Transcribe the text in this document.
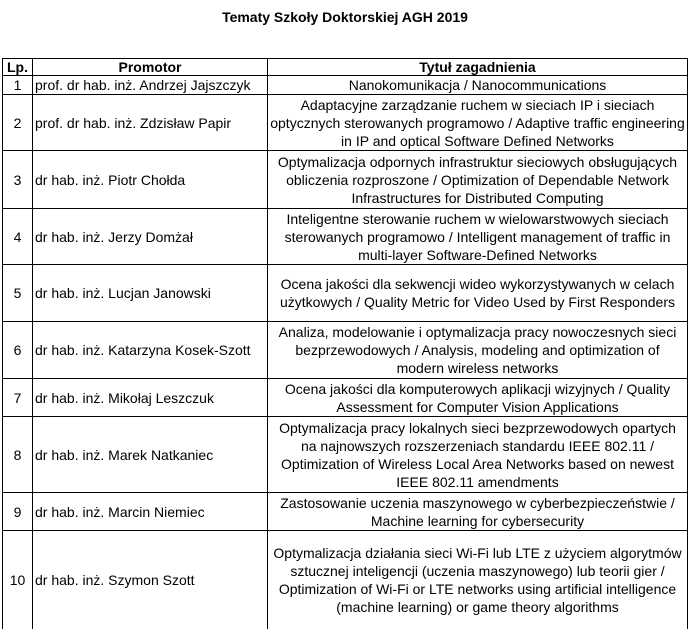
Tematy Szkoły Doktorskiej AGH 2019
Lp.	Promotor	Tytuł zagadnienia
1	prof. dr hab. inż. Andrzej Jajszczyk	Nanokomunikacja / Nanocommunications
2	prof. dr hab. inż. Zdzisław Papir	Adaptacyjne zarządzanie ruchem w sieciach IP i sieciach optycznych sterowanych programowo / Adaptive traffic engineering in IP and optical Software Defined Networks
3	dr hab. inż. Piotr Chołda	Optymalizacja odpornych infrastruktur sieciowych obsługujących obliczenia rozproszone / Optimization of Dependable Network Infrastructures for Distributed Computing
4	dr hab. inż. Jerzy Domżał	Inteligentne sterowanie ruchem w wielowarstwowych sieciach sterowanych programowo / Intelligent management of traffic in multi-layer Software-Defined Networks
5	dr hab. inż. Lucjan Janowski	Ocena jakości dla sekwencji wideo wykorzystywanych w celach użytkowych / Quality Metric for Video Used by First Responders
6	dr hab. inż. Katarzyna Kosek-Szott	Analiza, modelowanie i optymalizacja pracy nowoczesnych sieci bezprzewodowych / Analysis, modeling and optimization of modern wireless networks
7	dr hab. inż. Mikołaj Leszczuk	Ocena jakości dla komputerowych aplikacji wizyjnych / Quality Assessment for Computer Vision Applications
8	dr hab. inż. Marek Natkaniec	Optymalizacja pracy lokalnych sieci bezprzewodowych opartych na najnowszych rozszerzeniach standardu IEEE 802.11 / Optimization of Wireless Local Area Networks based on newest IEEE 802.11 amendments
9	dr hab. inż. Marcin Niemiec	Zastosowanie uczenia maszynowego w cyberbezpieczeństwie / Machine learning for cybersecurity
10	dr hab. inż. Szymon Szott	Optymalizacja działania sieci Wi-Fi lub LTE z użyciem algorytmów sztucznej inteligencji (uczenia maszynowego) lub teorii gier / Optimization of Wi-Fi or LTE networks using artificial intelligence (machine learning) or game theory algorithms
